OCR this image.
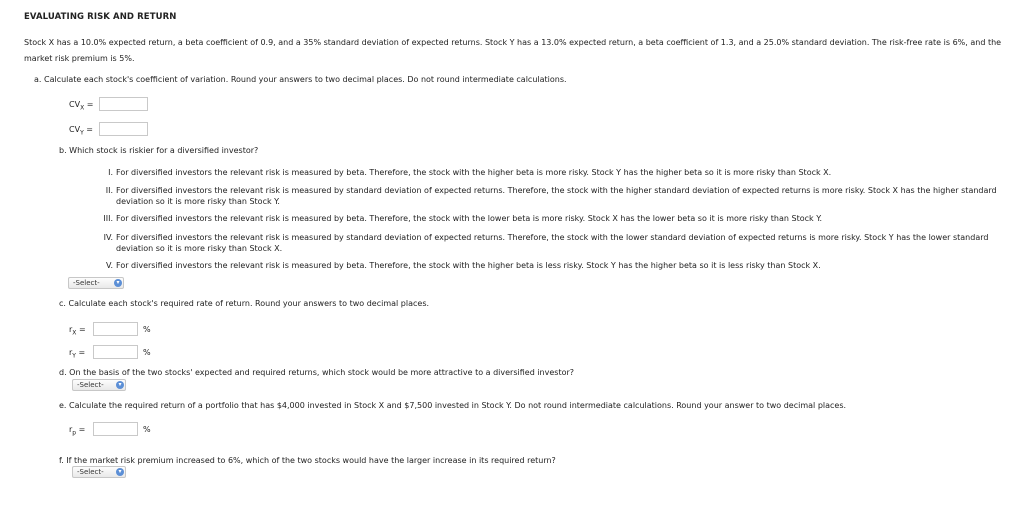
EVALUATING RISK AND RETURN
Stock X has a 10.0% expected return, a beta coefficient of 0.9, and a 35% standard deviation of expected returns. Stock Y has a 13.0% expected return, a beta coefficient of 1.3, and a 25.0% standard deviation. The risk-free rate is 6%, and the market risk premium is 5%.
a. Calculate each stock's coefficient of variation. Round your answers to two decimal places. Do not round intermediate calculations.
$CV_X$ =
$CV_Y$ =
b. Which stock is riskier for a diversified investor?
I. For diversified investors the relevant risk is measured by beta. Therefore, the stock with the higher beta is more risky. Stock Y has the higher beta so it is more risky than Stock X.
II. For diversified investors the relevant risk is measured by standard deviation of expected returns. Therefore, the stock with the higher standard deviation of expected returns is more risky. Stock X has the higher standard deviation so it is more risky than Stock Y.
III. For diversified investors the relevant risk is measured by beta. Therefore, the stock with the lower beta is more risky. Stock X has the lower beta so it is more risky than Stock Y.
IV. For diversified investors the relevant risk is measured by standard deviation of expected returns. Therefore, the stock with the lower standard deviation of expected returns is more risky. Stock Y has the lower standard deviation so it is more risky than Stock X.
V. For diversified investors the relevant risk is measured by beta. Therefore, the stock with the higher beta is less risky. Stock Y has the higher beta so it is less risky than Stock X.
-Select-	▾
c. Calculate each stock's required rate of return. Round your answers to two decimal places.
$r_X$ =	%
$r_Y$ =	%
d. On the basis of the two stocks' expected and required returns, which stock would be more attractive to a diversified investor?
-Select-	▾
e. Calculate the required return of a portfolio that has $4,000 invested in Stock X and $7,500 invested in Stock Y. Do not round intermediate calculations. Round your answer to two decimal places.
$r_p$ =	%
f. If the market risk premium increased to 6%, which of the two stocks would have the larger increase in its required return?
-Select-	▾
